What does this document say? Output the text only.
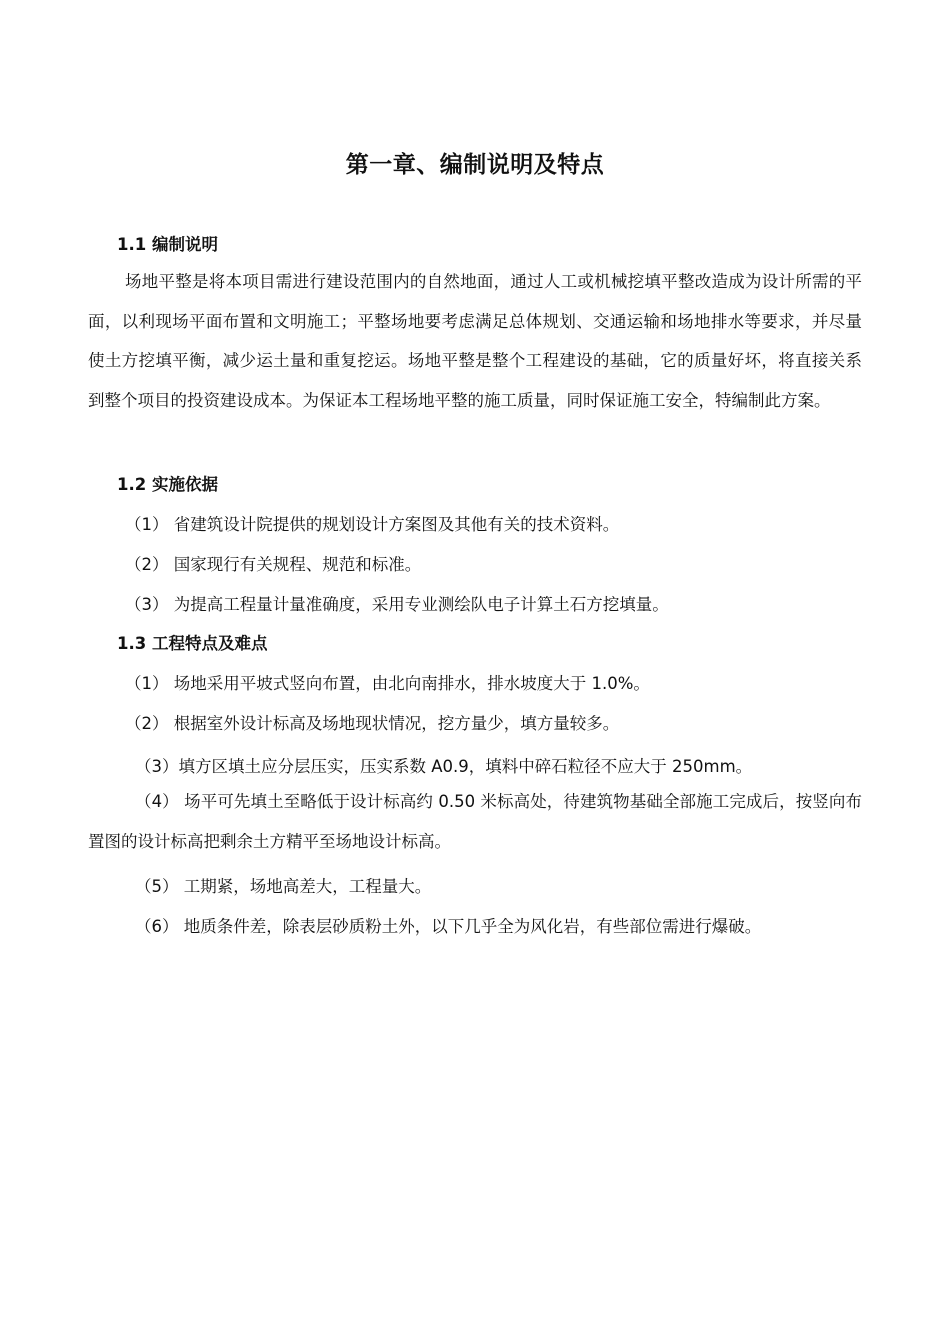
第一章、编制说明及特点
1.1 编制说明
场地平整是将本项目需进行建设范围内的自然地面，通过人工或机械挖填平整改造成为设计所需的平面，以利现场平面布置和文明施工；平整场地要考虑满足总体规划、交通运输和场地排水等要求，并尽量使土方挖填平衡，减少运土量和重复挖运。场地平整是整个工程建设的基础，它的质量好坏，将直接关系到整个项目的投资建设成本。为保证本工程场地平整的施工质量，同时保证施工安全，特编制此方案。
1.2 实施依据
（1） 省建筑设计院提供的规划设计方案图及其他有关的技术资料。
（2） 国家现行有关规程、规范和标准。
（3） 为提高工程量计量准确度，采用专业测绘队电子计算土石方挖填量。
1.3 工程特点及难点
（1） 场地采用平坡式竖向布置，由北向南排水，排水坡度大于 1.0%。
（2） 根据室外设计标高及场地现状情况，挖方量少，填方量较多。
（3）填方区填土应分层压实，压实系数 A0.9，填料中碎石粒径不应大于 250mm。
（4） 场平可先填土至略低于设计标高约 0.50 米标高处，待建筑物基础全部施工完成后，按竖向布置图的设计标高把剩余土方精平至场地设计标高。
（5） 工期紧，场地高差大，工程量大。
（6） 地质条件差，除表层砂质粉土外，以下几乎全为风化岩，有些部位需进行爆破。
